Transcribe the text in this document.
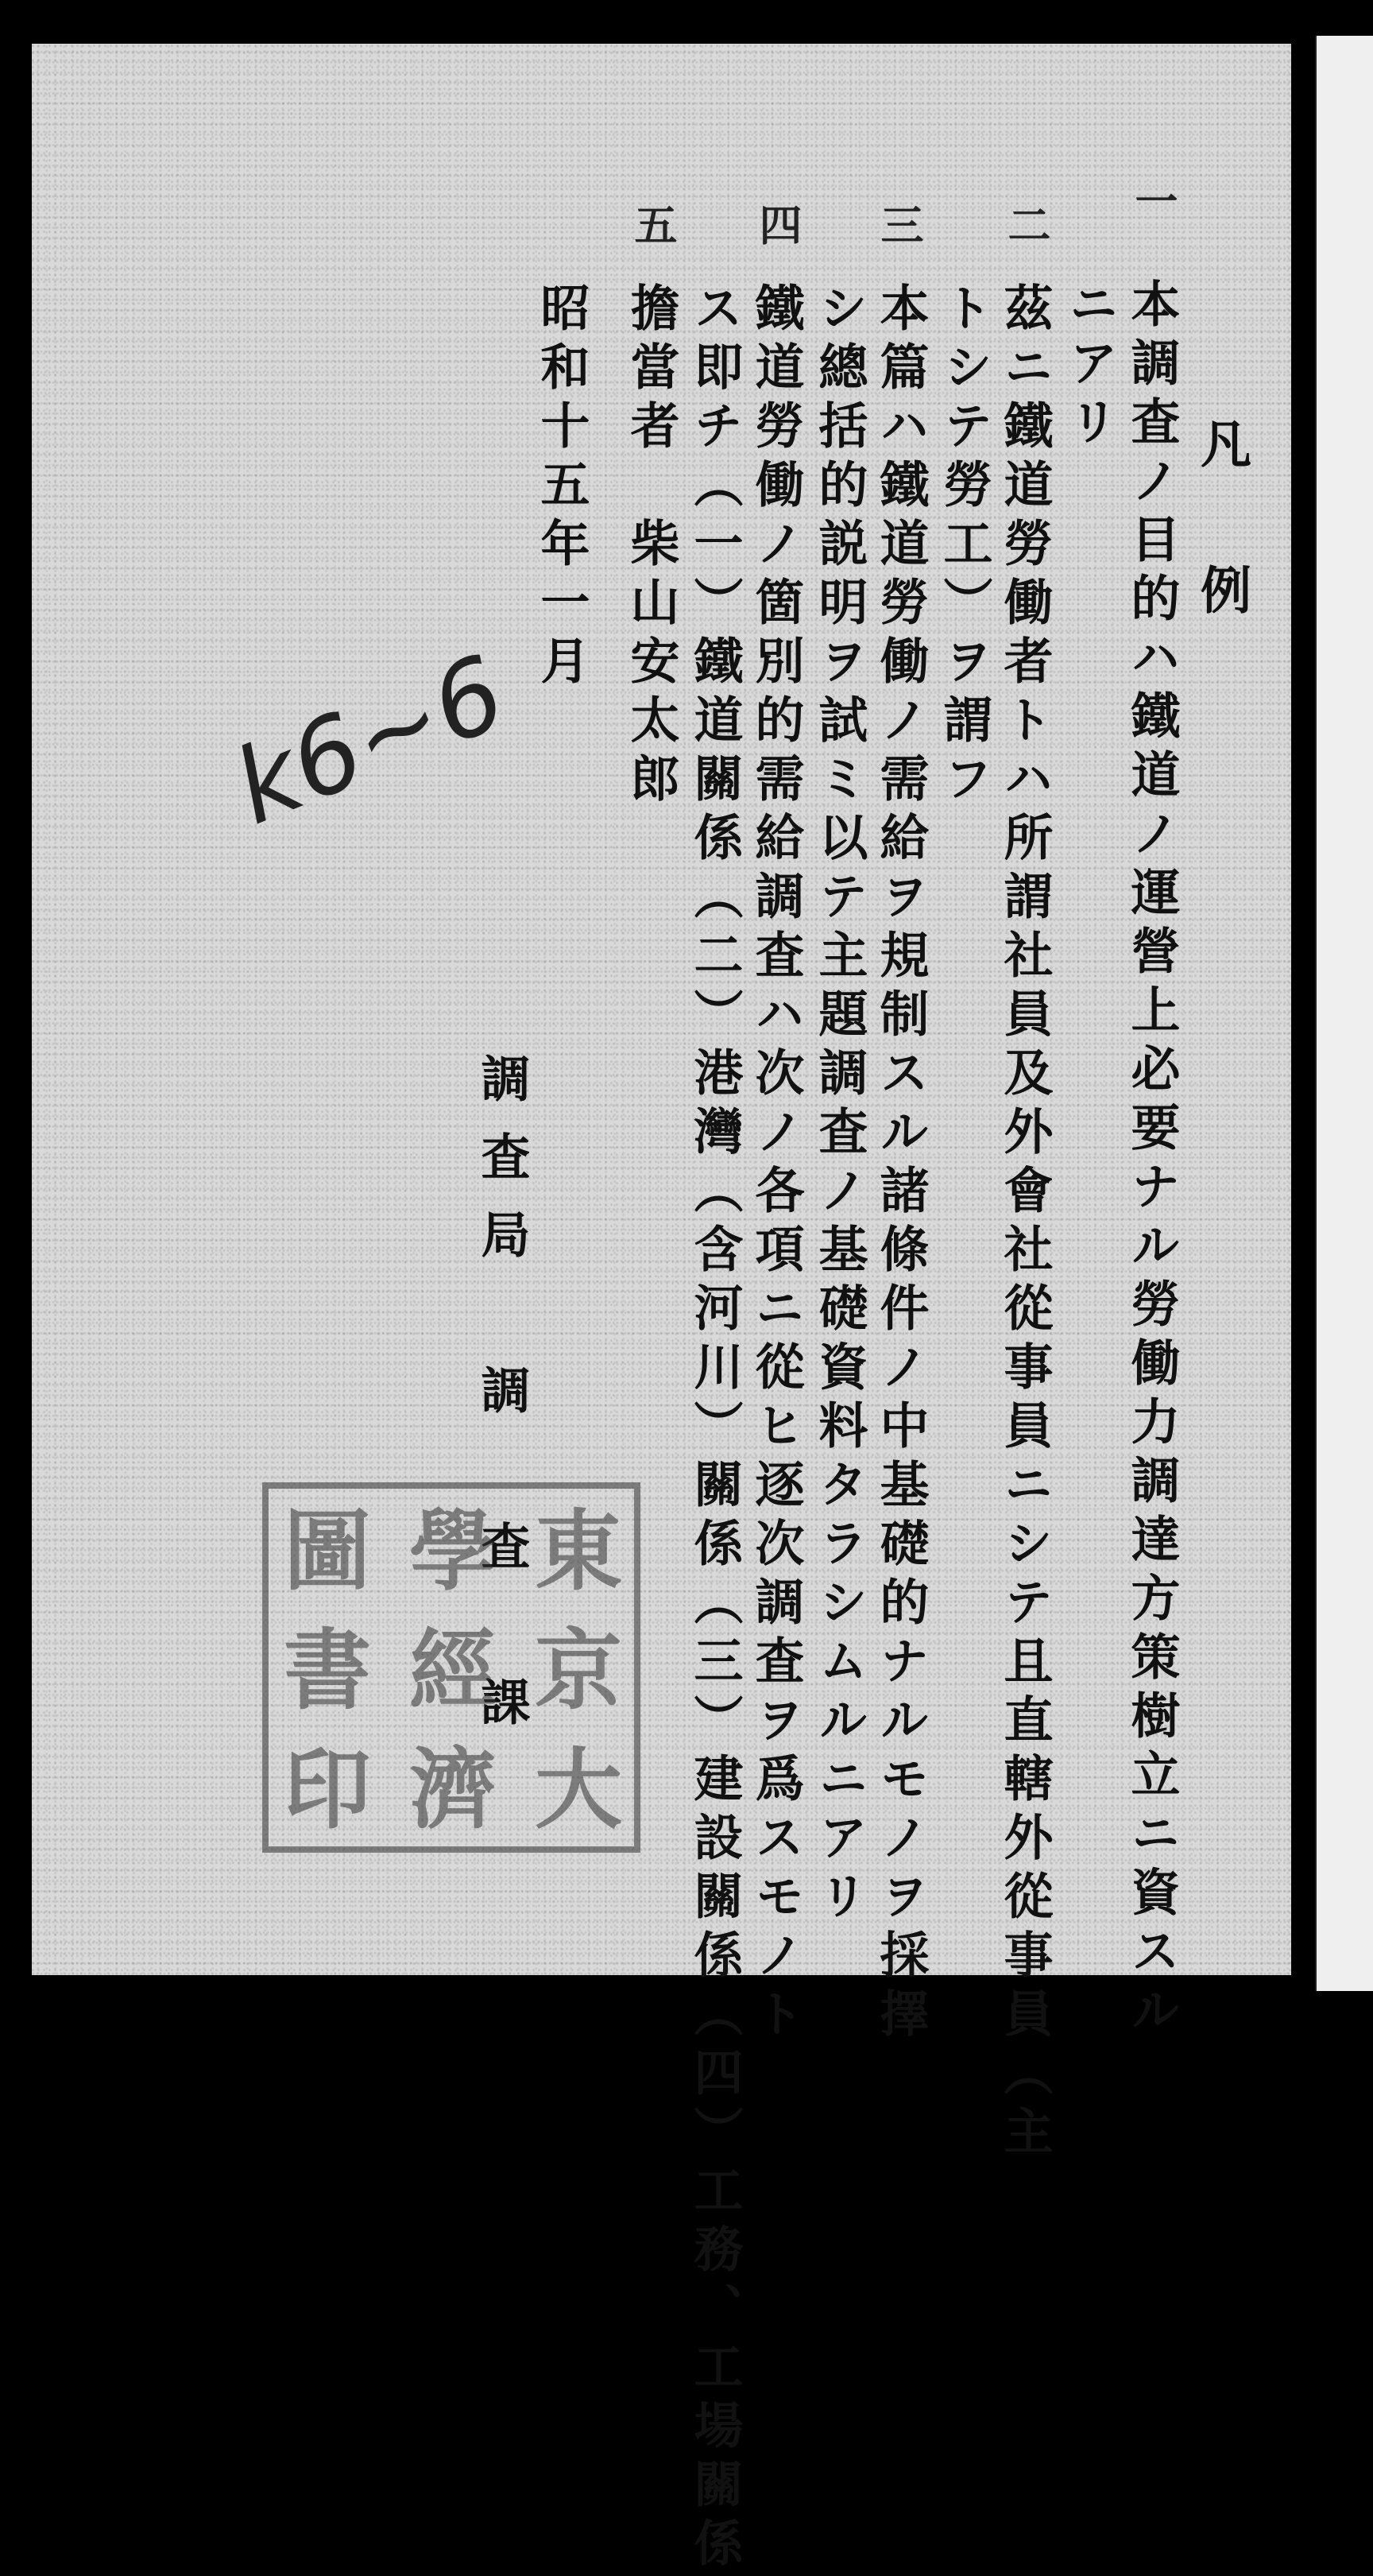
凡例
一
本調査ノ目的ハ鐵道ノ運營上必要ナル勞働力調達方策樹立ニ資スル
ニアリ
二
茲ニ鐵道勞働者トハ所謂社員及外會社從事員ニシテ且直轄外從事員（主
トシテ勞工）ヲ謂フ
三
本篇ハ鐵道勞働ノ需給ヲ規制スル諸條件ノ中基礎的ナルモノヲ採擇
シ總括的説明ヲ試ミ以テ主題調査ノ基礎資料タラシムルニアリ
四
鐵道勞働ノ箇別的需給調査ハ次ノ各項ニ從ヒ逐次調査ヲ爲スモノト
ス即チ（一）鐵道關係（二）港灣（含河川）關係（三）建設關係（四）工務、工場關係
五
擔當者　柴山安太郎
昭和十五年一月
調査局　調　査　課
k6~6
東
京
大
學
經
濟
圖
書
印
